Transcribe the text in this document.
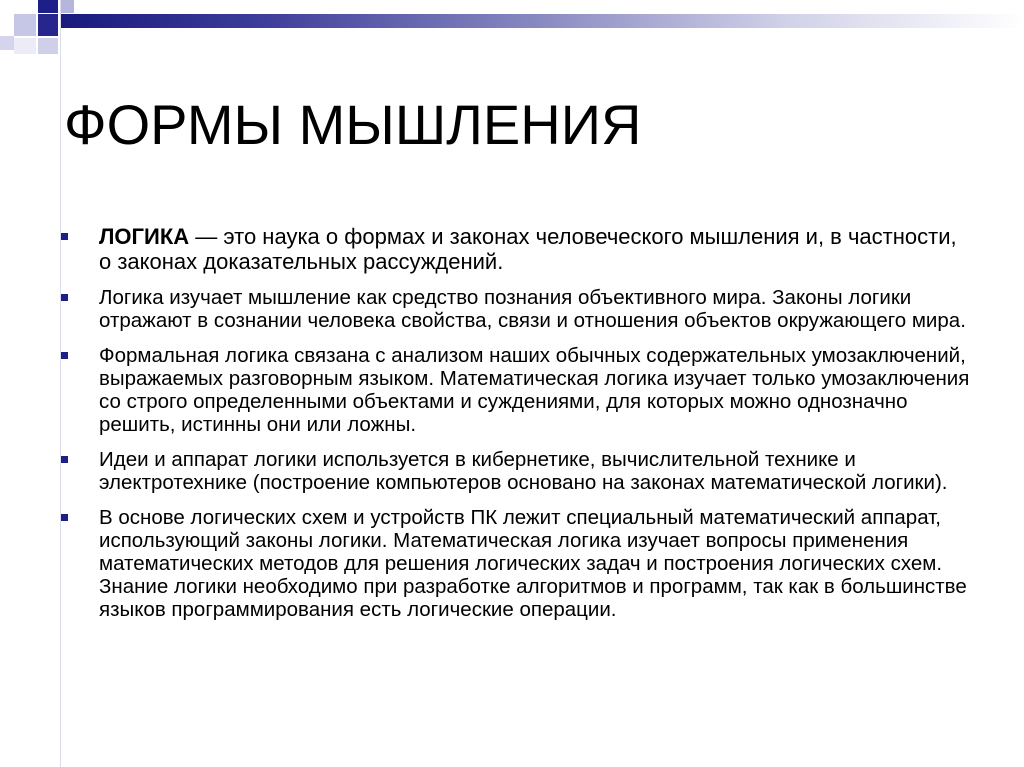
ФОРМЫ МЫШЛЕНИЯ
ЛОГИКА — это наука о формах и законах человеческого мышления и, в частности, о законах доказательных рассуждений.
Логика изучает мышление как средство познания объективного мира. Законы логики отражают в сознании человека свойства, связи и отношения объектов окружающего мира.
Формальная логика связана с анализом наших обычных содержательных умозаключений, выражаемых разговорным языком. Математическая логика изучает только умозаключения со строго определенными объектами и суждениями, для которых можно однозначно решить, истинны они или ложны.
Идеи и аппарат логики используется в кибернетике, вычислительной технике и электротехнике (построение компьютеров основано на законах математической логики).
В основе логических схем и устройств ПК лежит специальный математический аппарат, использующий законы логики. Математическая логика изучает вопросы применения математических методов для решения логических задач и построения логических схем. Знание логики необходимо при разработке алгоритмов и программ, так как в большинстве языков программирования есть логические операции.
